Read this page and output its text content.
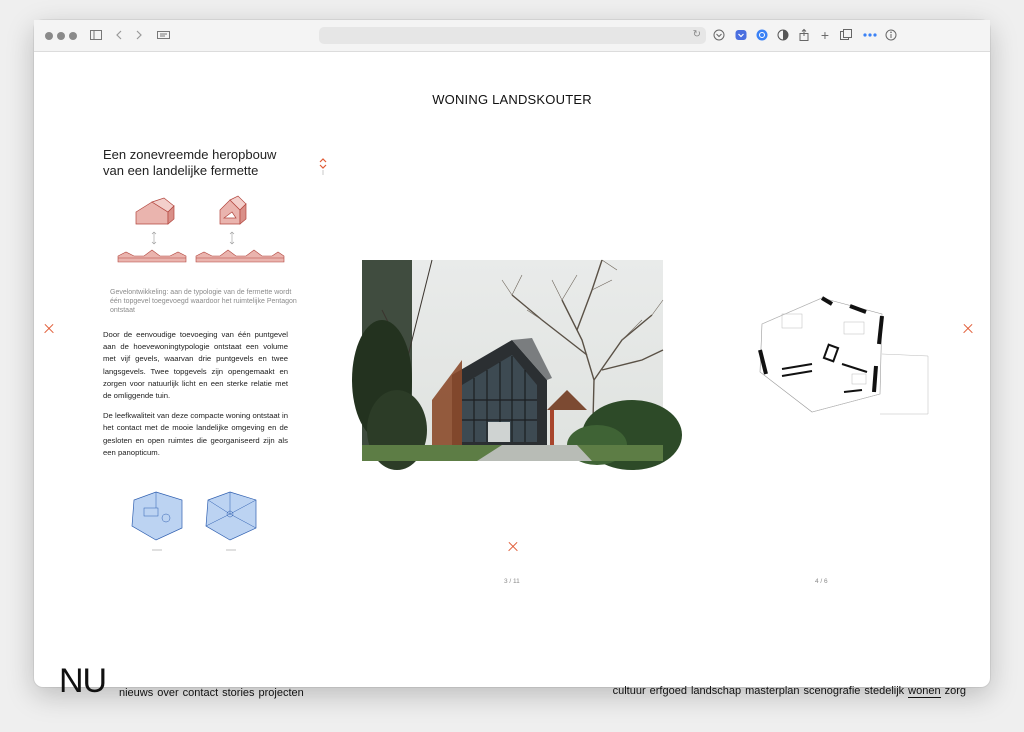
↻	+
WONING LANDSKOUTER
Een zonevreemde heropbouw van een landelijke fermette
Gevelontwikkeling: aan de typologie van de fermette wordt één topgevel toegevoegd waardoor het ruimtelijke Pentagon ontstaat

Door de eenvoudige toevoeging van één puntgevel aan de hoevewoningtypologie ontstaat een volume met vijf gevels, waarvan drie puntgevels en twee langsgevels. Twee topgevels zijn opengemaakt en zorgen voor natuurlijk licht en een sterke relatie met de omliggende tuin.

De leefkwaliteit van deze compacte woning ontstaat in het contact met de mooie landelijke omgeving en de gesloten en open ruimtes die georganiseerd zijn als een panopticum.

3 / 11	4 / 6
NU nieuws over contact stories projecten	cultuur erfgoed landschap masterplan scenografie stedelijk wonen zorg
